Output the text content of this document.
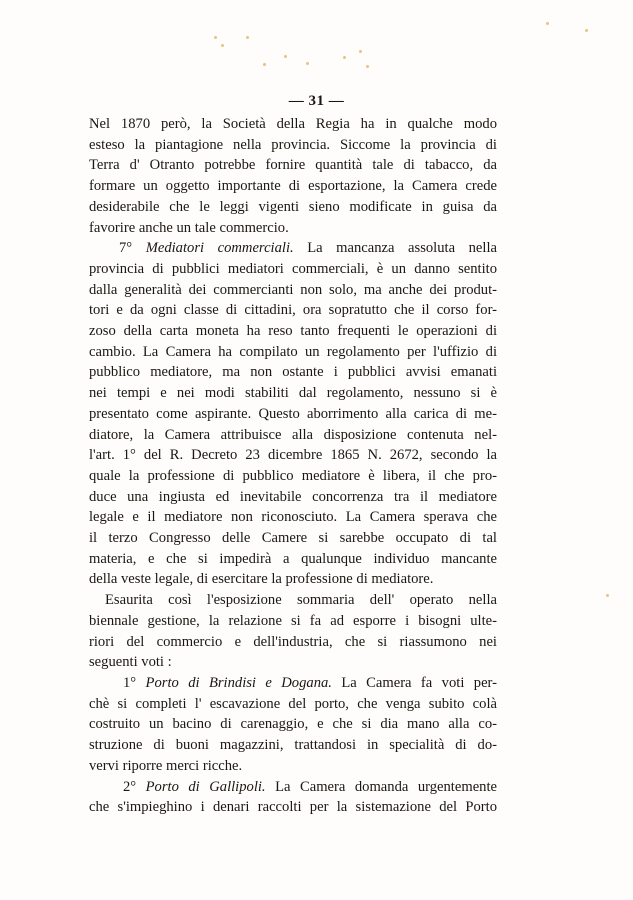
— 31 —
Nel 1870 però, la Società della Regia ha in qualche modo
esteso la piantagione nella provincia. Siccome la provincia di
Terra d' Otranto potrebbe fornire quantità tale di tabacco, da
formare un oggetto importante di esportazione, la Camera crede
desiderabile che le leggi vigenti sieno modificate in guisa da
favorire anche un tale commercio.
7° Mediatori commerciali. La mancanza assoluta nella
provincia di pubblici mediatori commerciali, è un danno sentito
dalla generalità dei commercianti non solo, ma anche dei produt-
tori e da ogni classe di cittadini, ora sopratutto che il corso for-
zoso della carta moneta ha reso tanto frequenti le operazioni di
cambio. La Camera ha compilato un regolamento per l'uffizio di
pubblico mediatore, ma non ostante i pubblici avvisi emanati
nei tempi e nei modi stabiliti dal regolamento, nessuno si è
presentato come aspirante. Questo aborrimento alla carica di me-
diatore, la Camera attribuisce alla disposizione contenuta nel-
l'art. 1° del R. Decreto 23 dicembre 1865 N. 2672, secondo la
quale la professione di pubblico mediatore è libera, il che pro-
duce una ingiusta ed inevitabile concorrenza tra il mediatore
legale e il mediatore non riconosciuto. La Camera sperava che
il terzo Congresso delle Camere si sarebbe occupato di tal
materia, e che si impedirà a qualunque individuo mancante
della veste legale, di esercitare la professione di mediatore.
Esaurita così l'esposizione sommaria dell' operato nella
biennale gestione, la relazione si fa ad esporre i bisogni ulte-
riori del commercio e dell'industria, che si riassumono nei
seguenti voti :
1° Porto di Brindisi e Dogana. La Camera fa voti per-
chè si completi l' escavazione del porto, che venga subito colà
costruito un bacino di carenaggio, e che si dia mano alla co-
struzione di buoni magazzini, trattandosi in specialità di do-
vervi riporre merci ricche.
2° Porto di Gallipoli. La Camera domanda urgentemente
che s'impieghino i denari raccolti per la sistemazione del Porto
